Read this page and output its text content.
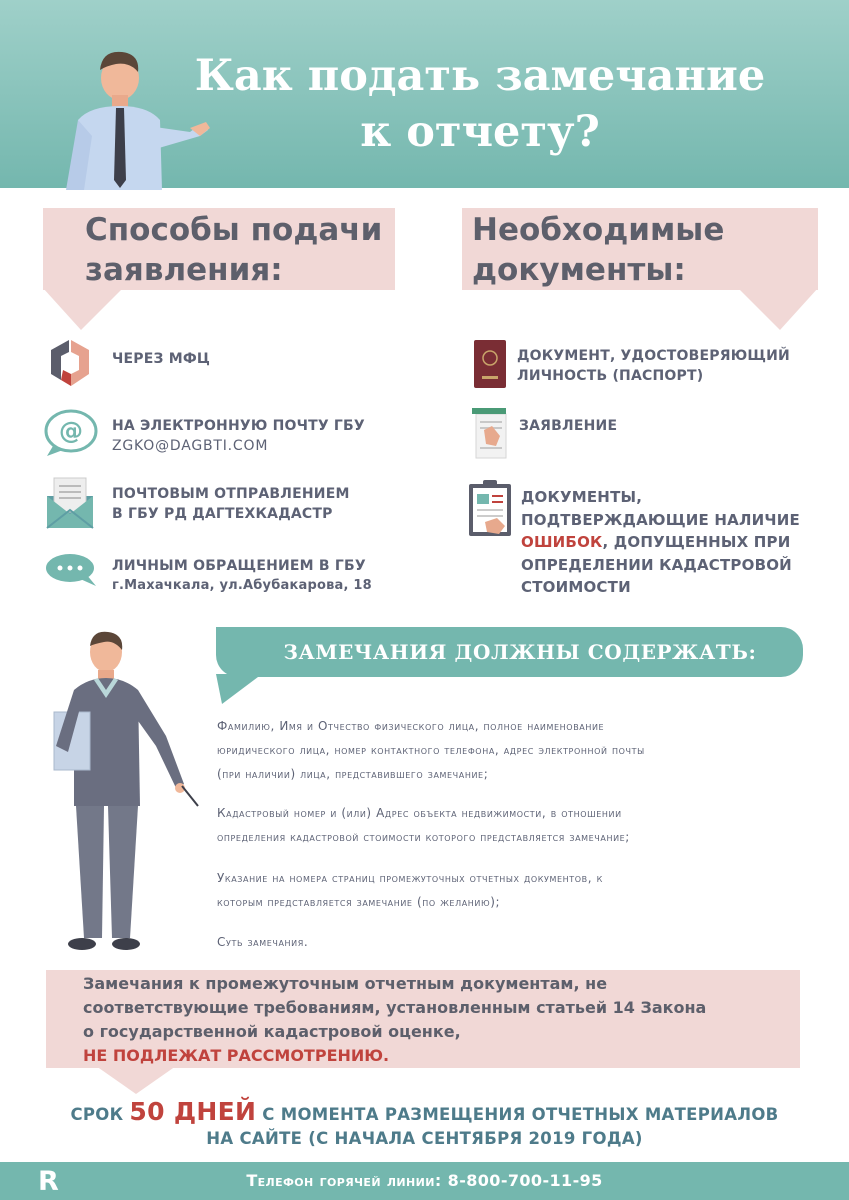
Как подать замечание
к отчету?
Способы подачи
заявления:
Необходимые
документы:
ЧЕРЕЗ МФЦ
@ НА ЭЛЕКТРОННУЮ ПОЧТУ ГБУ
ZGKO@DAGBTI.COM
ПОЧТОВЫМ ОТПРАВЛЕНИЕМ
В ГБУ РД ДАГТЕХКАДАСТР
ЛИЧНЫМ ОБРАЩЕНИЕМ В ГБУ
г.Махачкала, ул.Абубакарова, 18
ДОКУМЕНТ, УДОСТОВЕРЯЮЩИЙ
ЛИЧНОСТЬ (ПАСПОРТ)
ЗАЯВЛЕНИЕ
ДОКУМЕНТЫ,
ПОДТВЕРЖДАЮЩИЕ НАЛИЧИЕ
ОШИБОК, ДОПУЩЕННЫХ ПРИ
ОПРЕДЕЛЕНИИ КАДАСТРОВОЙ
СТОИМОСТИ
ЗАМЕЧАНИЯ ДОЛЖНЫ СОДЕРЖАТЬ:
Фамилию, Имя и Отчество физического лица, полное наименование
юридического лица, номер контактного телефона, адрес электронной почты
(при наличии) лица, представившего замечание;
Кадастровый номер и (или) Адрес объекта недвижимости, в отношении
определения кадастровой стоимости которого представляется замечание;
Указание на номера страниц промежуточных отчетных документов, к
которым представляется замечание (по желанию);
Суть замечания.
Замечания к промежуточным отчетным документам, не
соответствующие требованиям, установленным статьей 14 Закона
о государственной кадастровой оценке,
НЕ ПОДЛЕЖАТ РАССМОТРЕНИЮ.
СРОК 50 ДНЕЙ С МОМЕНТА РАЗМЕЩЕНИЯ ОТЧЕТНЫХ МАТЕРИАЛОВ
НА САЙТЕ (С НАЧАЛА СЕНТЯБРЯ 2019 ГОДА)
R	Телефон горячей линии: 8-800-700-11-95
